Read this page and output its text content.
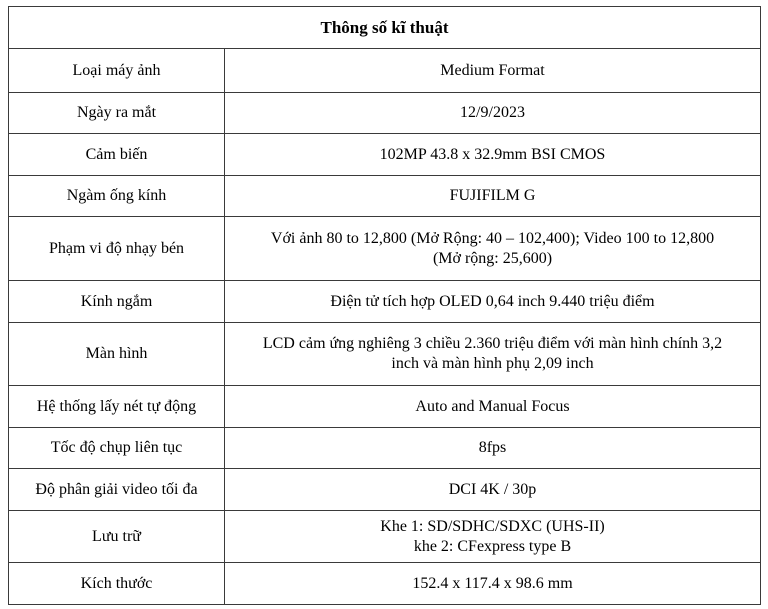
Thông số kĩ thuật	
Loại máy ảnh	Medium Format

Ngày ra mắt	12/9/2023

Cảm biến	102MP 43.8 x 32.9mm BSI CMOS

Ngàm ống kính	FUJIFILM G

Phạm vi độ nhạy bén	Với ảnh 80 to 12,800 (Mở Rộng: 40 – 102,400); Video 100 to 12,800
(Mở rộng: 25,600)

Kính ngắm	Điện tử tích hợp OLED 0,64 inch 9.440 triệu điểm

Màn hình	LCD cảm ứng nghiêng 3 chiều 2.360 triệu điểm với màn hình chính 3,2
inch và màn hình phụ 2,09 inch

Hệ thống lấy nét tự động	Auto and Manual Focus

Tốc độ chụp liên tục	8fps

Độ phân giải video tối đa	DCI 4K / 30p

Lưu trữ	Khe 1: SD/SDHC/SDXC (UHS-II)
khe 2: CFexpress type B

Kích thước	152.4 x 117.4 x 98.6 mm
